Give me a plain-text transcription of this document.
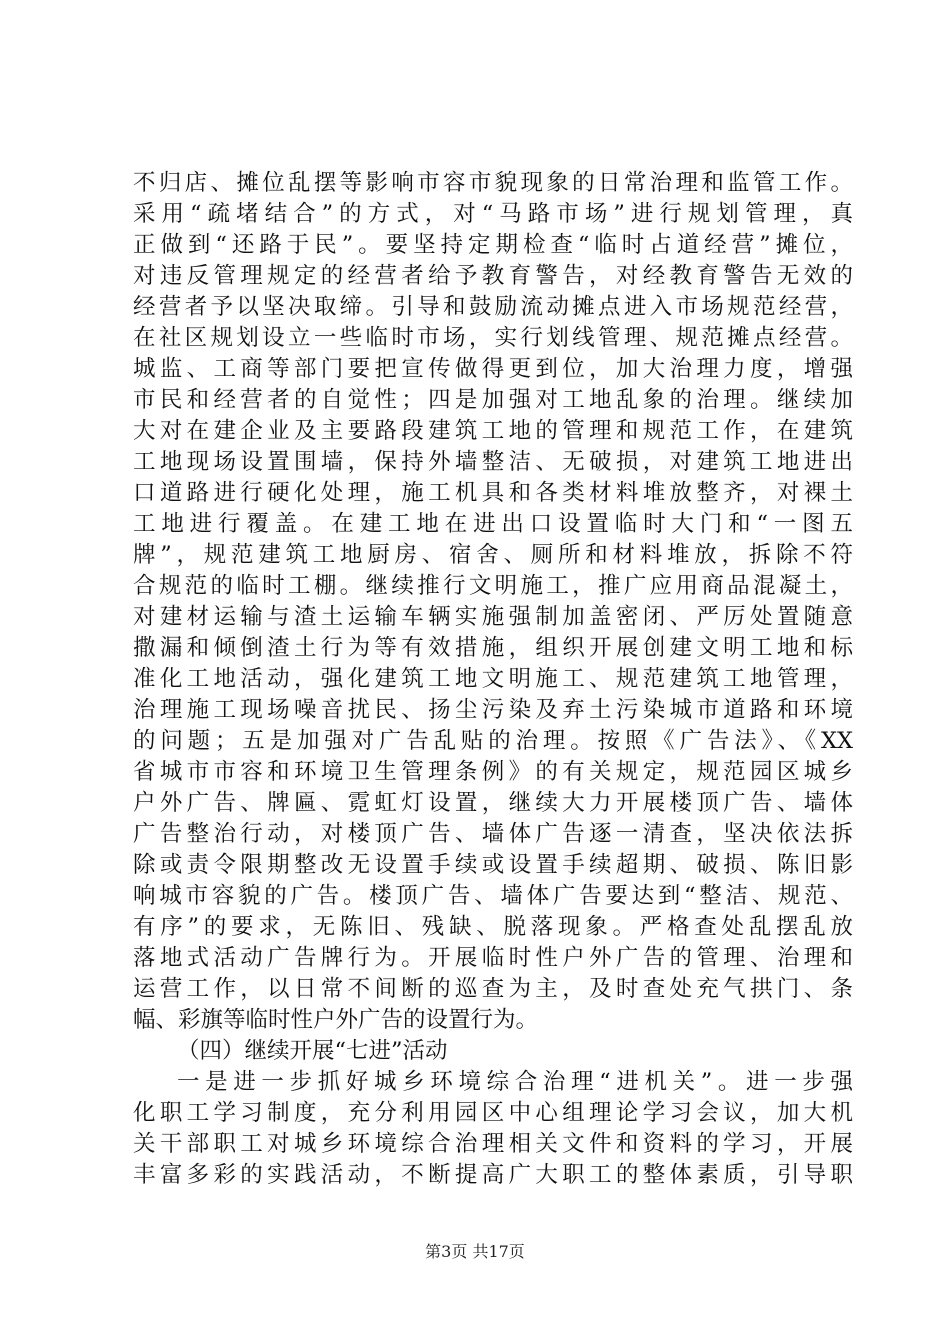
不归店、摊位乱摆等影响市容市貌现象的日常治理和监管工作。
采用“疏堵结合”的方式，对“马路市场”进行规划管理，真
正做到“还路于民”。要坚持定期检查“临时占道经营”摊位，
对违反管理规定的经营者给予教育警告，对经教育警告无效的
经营者予以坚决取缔。引导和鼓励流动摊点进入市场规范经营，
在社区规划设立一些临时市场，实行划线管理、规范摊点经营。
城监、工商等部门要把宣传做得更到位，加大治理力度，增强
市民和经营者的自觉性；四是加强对工地乱象的治理。继续加
大对在建企业及主要路段建筑工地的管理和规范工作，在建筑
工地现场设置围墙，保持外墙整洁、无破损，对建筑工地进出
口道路进行硬化处理，施工机具和各类材料堆放整齐，对裸土
工地进行覆盖。在建工地在进出口设置临时大门和“一图五
牌”，规范建筑工地厨房、宿舍、厕所和材料堆放，拆除不符
合规范的临时工棚。继续推行文明施工，推广应用商品混凝土，
对建材运输与渣土运输车辆实施强制加盖密闭、严厉处置随意
撒漏和倾倒渣土行为等有效措施，组织开展创建文明工地和标
准化工地活动，强化建筑工地文明施工、规范建筑工地管理，
治理施工现场噪音扰民、扬尘污染及弃土污染城市道路和环境
的问题；五是加强对广告乱贴的治理。按照《广告法》、《XX
省城市市容和环境卫生管理条例》的有关规定，规范园区城乡
户外广告、牌匾、霓虹灯设置，继续大力开展楼顶广告、墙体
广告整治行动，对楼顶广告、墙体广告逐一清查，坚决依法拆
除或责令限期整改无设置手续或设置手续超期、破损、陈旧影
响城市容貌的广告。楼顶广告、墙体广告要达到“整洁、规范、
有序”的要求，无陈旧、残缺、脱落现象。严格查处乱摆乱放
落地式活动广告牌行为。开展临时性户外广告的管理、治理和
运营工作，以日常不间断的巡查为主，及时查处充气拱门、条
幅、彩旗等临时性户外广告的设置行为。
（四）继续开展“七进”活动
一是进一步抓好城乡环境综合治理“进机关”。进一步强
化职工学习制度，充分利用园区中心组理论学习会议，加大机
关干部职工对城乡环境综合治理相关文件和资料的学习，开展
丰富多彩的实践活动，不断提高广大职工的整体素质，引导职
第3页 共17页
